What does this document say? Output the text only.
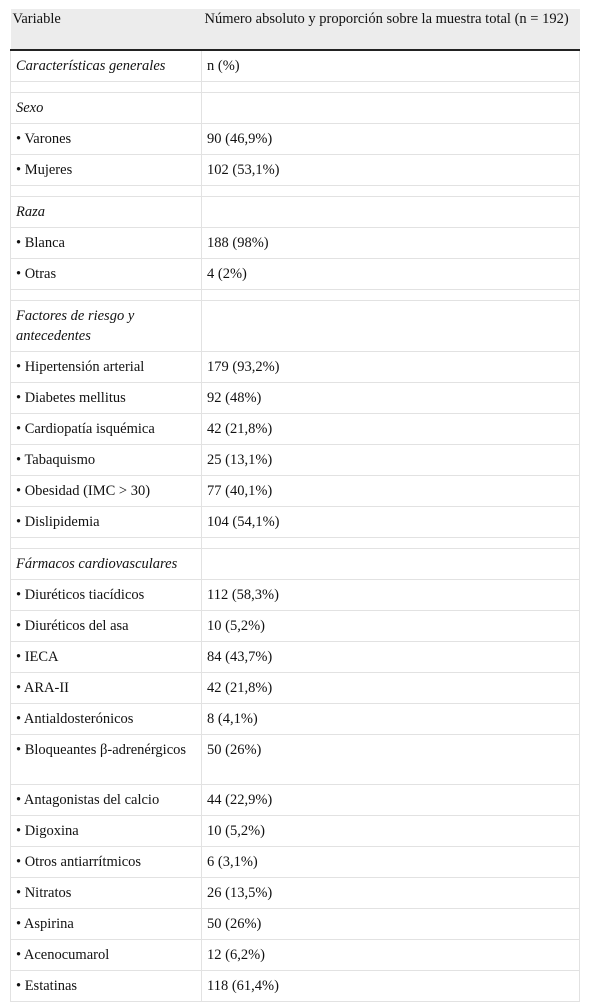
Variable	Número absoluto y proporción sobre la muestra total (n = 192)
Características generales	n (%)

Sexo	
• Varones	90 (46,9%)
• Mujeres	102 (53,1%)

Raza	
• Blanca	188 (98%)
• Otras	4 (2%)

Factores de riesgo y antecedentes	
• Hipertensión arterial	179 (93,2%)
• Diabetes mellitus	92 (48%)
• Cardiopatía isquémica	42 (21,8%)
• Tabaquismo	25 (13,1%)
• Obesidad (IMC > 30)	77 (40,1%)
• Dislipidemia	104 (54,1%)

Fármacos cardiovasculares	
• Diuréticos tiacídicos	112 (58,3%)
• Diuréticos del asa	10 (5,2%)
• IECA	84 (43,7%)
• ARA-II	42 (21,8%)
• Antialdosterónicos	8 (4,1%)
• Bloqueantes β-adrenérgicos	50 (26%)
• Antagonistas del calcio	44 (22,9%)
• Digoxina	10 (5,2%)
• Otros antiarrítmicos	6 (3,1%)
• Nitratos	26 (13,5%)
• Aspirina	50 (26%)
• Acenocumarol	12 (6,2%)
• Estatinas	118 (61,4%)
